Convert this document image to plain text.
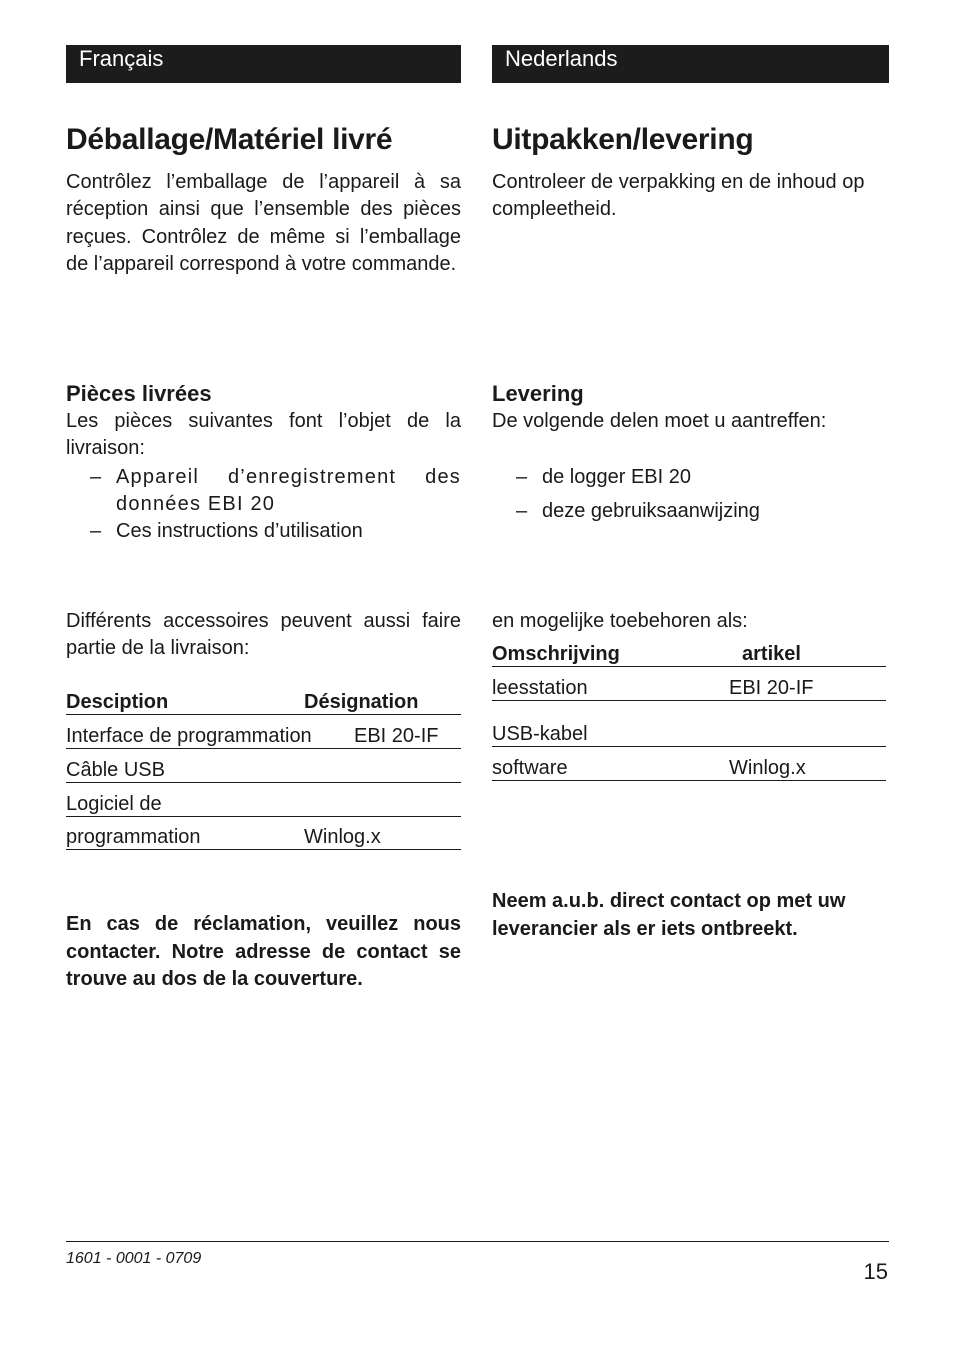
Français
Déballage/Matériel livré

Contrôlez l’emballage de l’appareil à sa réception ainsi que l’ensemble des pièces reçues. Contrôlez de même si l’emballage de l’appareil correspond à votre commande.

Pièces livrées

Les pièces suivantes font l’objet de la livraison:

– Appareil d’enregistrement des données EBI 20
– Ces instructions d’utilisation

Différents accessoires peuvent aussi faire partie de la livraison:

Desciption	Désignation
Interface de programmation EBI 20-IF
Câble USB
Logiciel de
programmation	Winlog.x

En cas de réclamation, veuillez nous contacter. Notre adresse de contact se trouve au dos de la couverture.

Nederlands
Uitpakken/levering

Controleer de verpakking en de inhoud op compleetheid.

Levering

De volgende delen moet u aantreffen:

– de logger EBI 20
– deze gebruiksaanwijzing

en mogelijke toebehoren als:

Omschrijving	artikel
leesstation	EBI 20-IF
USB-kabel
software	Winlog.x

Neem a.u.b. direct contact op met uw leverancier als er iets ontbreekt.

1601 - 0001 - 0709
15
